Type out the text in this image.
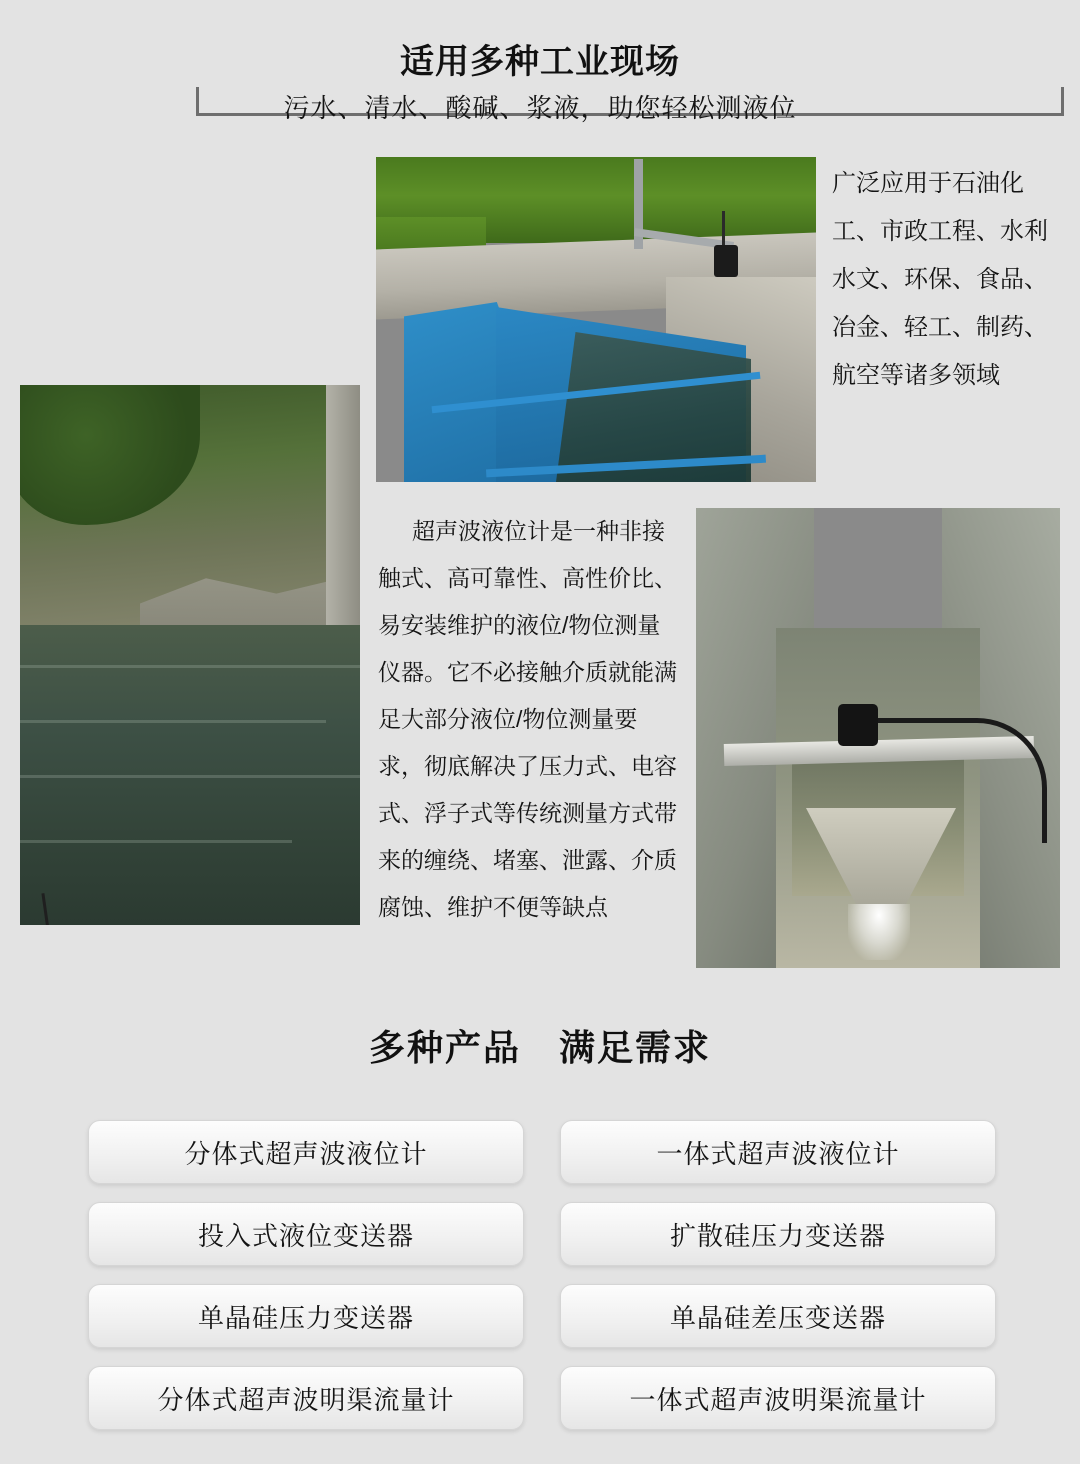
适用多种工业现场
污水、清水、酸碱、浆液，助您轻松测液位
广泛应用于石油化工、市政工程、水利水文、环保、食品、冶金、轻工、制药、航空等诸多领域
超声波液位计是一种非接触式、高可靠性、高性价比、易安装维护的液位/物位测量仪器。它不必接触介质就能满足大部分液位/物位测量要求，彻底解决了压力式、电容式、浮子式等传统测量方式带来的缠绕、堵塞、泄露、介质腐蚀、维护不便等缺点
多种产品　满足需求
分体式超声波液位计	一体式超声波液位计
投入式液位变送器	扩散硅压力变送器
单晶硅压力变送器	单晶硅差压变送器
分体式超声波明渠流量计	一体式超声波明渠流量计
